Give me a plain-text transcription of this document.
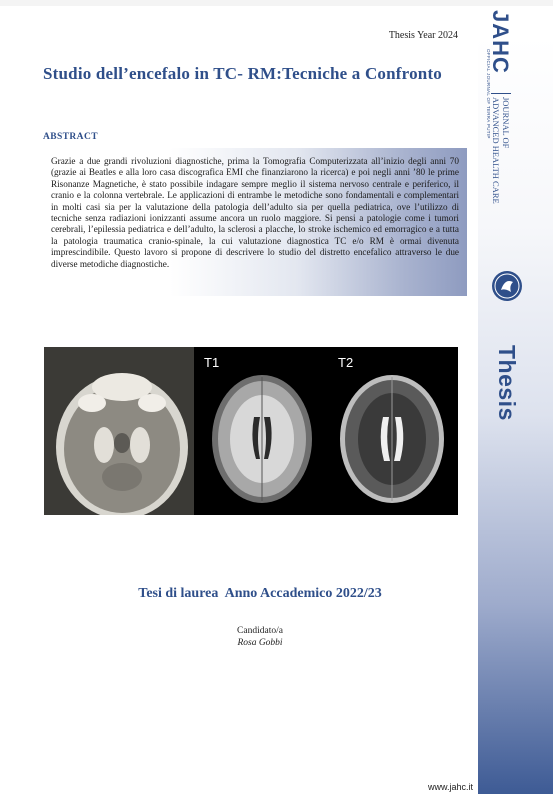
Thesis Year 2024
Studio dell’encefalo in TC- RM:Tecniche a Confronto
ABSTRACT
Grazie a due grandi rivoluzioni diagnostiche, prima la Tomografia Computerizzata all’inizio degli anni 70 (grazie ai Beatles e alla loro casa discografica EMI che finanziarono la ricerca) e poi negli anni ’80 le prime Risonanze Magnetiche, è stato possibile indagare sempre meglio il sistema nervoso centrale e periferico, il cranio e la colonna vertebrale. Le applicazioni di entrambe le metodiche sono fondamentali e complementari in molti casi sia per la valutazione della patologia dell’adulto sia per quella pediatrica, ove l’utilizzo di tecniche senza radiazioni ionizzanti assume ancora un ruolo maggiore. Si pensi a patologie come i tumori cerebrali, l’epilessia pediatrica e dell’adulto, la sclerosi a placche, lo stroke ischemico ed emorragico e a tutta la patologia traumatica cranio-spinale, la cui valutazione diagnostica TC e/o RM è ormai divenuta imprescindibile. Questo lavoro si propone di descrivere lo studio del distretto encefalico attraverso le due diverse metodiche diagnostiche.
T1	T2
Tesi di laurea  Anno Accademico 2022/23
Candidato/a
Rosa Gobbi
www.jahc.it
JAHC
OFFICIAL JOURNAL OF TERRA PUTIP JOURNAL OF
ADVANCED HEALTH CARE
Thesis
